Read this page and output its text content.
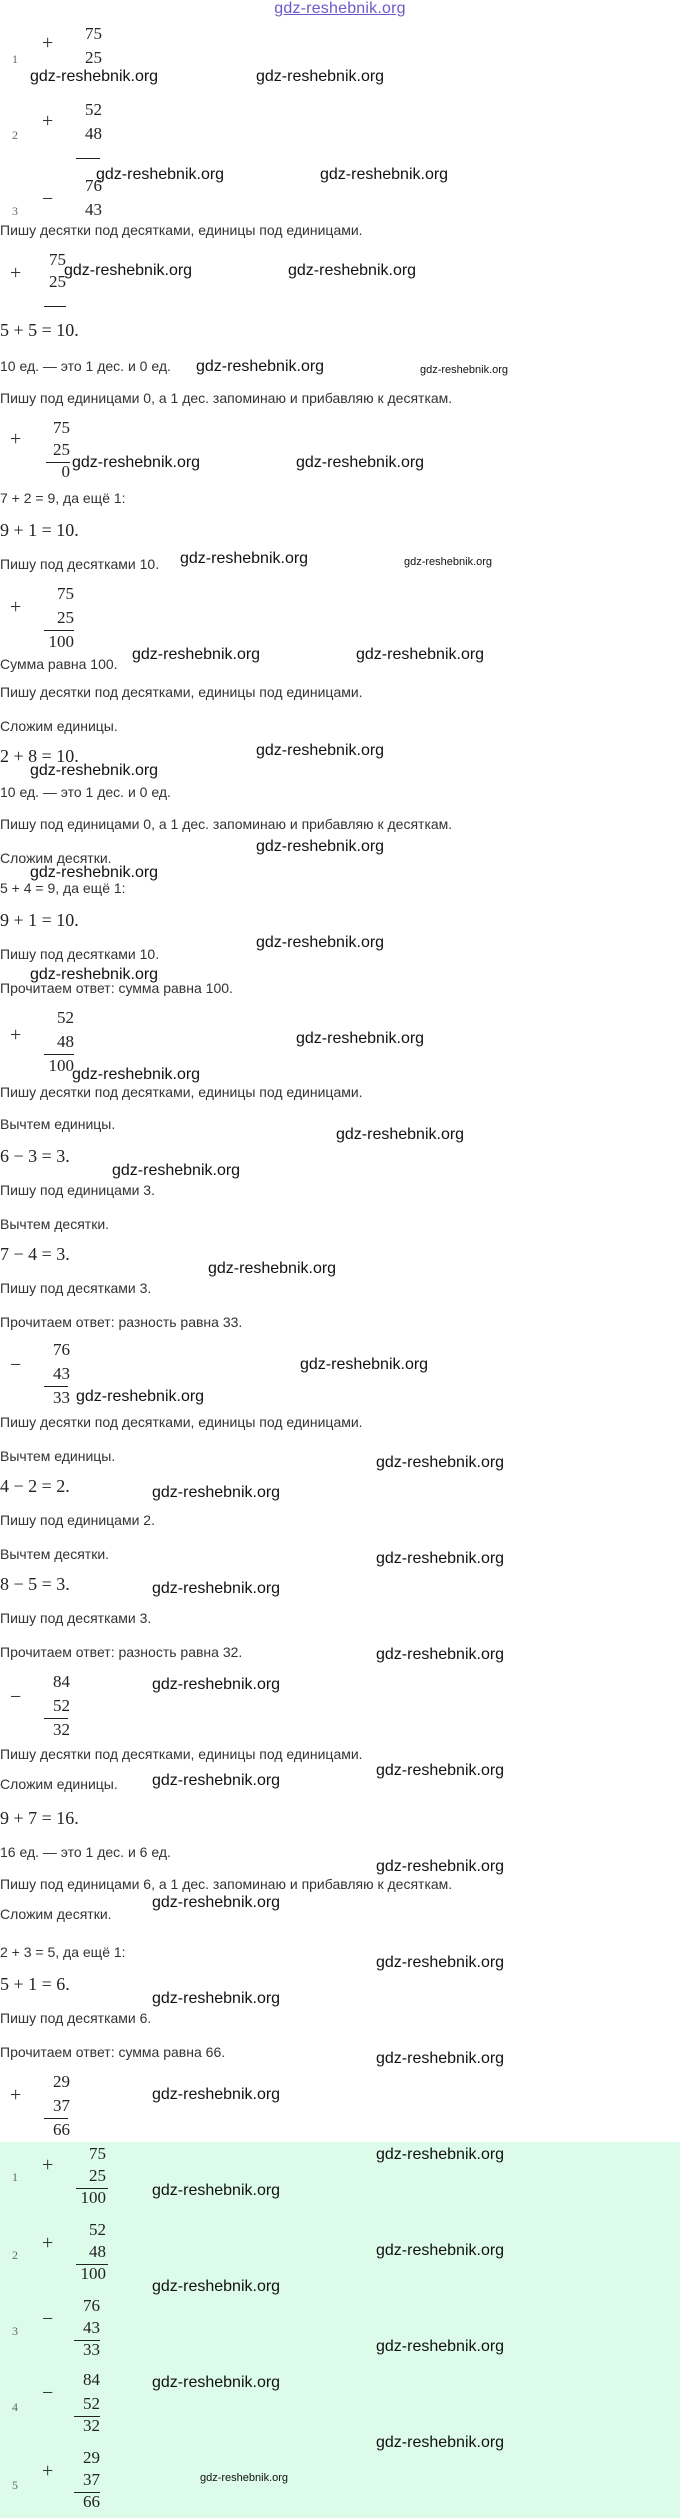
gdz-reshebnik.org
1
+	75
25
2
+
52
48
3
−
76
43
Пишу десятки под десятками, единицы под единицами.
+
75
25
5 + 5 = 10.
10 ед. — это 1 дес. и 0 ед.
Пишу под единицами 0, а 1 дес. запоминаю и прибавляю к десяткам.
+
75
25
0
7 + 2 = 9, да ещё 1:
9 + 1 = 10.
Пишу под десятками 10.
+
75
25
100
Сумма равна 100.
Пишу десятки под десятками, единицы под единицами.
Сложим единицы.
2 + 8 = 10.
10 ед. — это 1 дес. и 0 ед.
Пишу под единицами 0, а 1 дес. запоминаю и прибавляю к десяткам.
Сложим десятки.
5 + 4 = 9, да ещё 1:
9 + 1 = 10.
Пишу под десятками 10.
Прочитаем ответ: сумма равна 100.
+
52
48
100
Пишу десятки под десятками, единицы под единицами.
Вычтем единицы.
6 − 3 = 3.
Пишу под единицами 3.
Вычтем десятки.
7 − 4 = 3.
Пишу под десятками 3.
Прочитаем ответ: разность равна 33.
−
76
43
33
Пишу десятки под десятками, единицы под единицами.
Вычтем единицы.
4 − 2 = 2.
Пишу под единицами 2.
Вычтем десятки.
8 − 5 = 3.
Пишу под десятками 3.
Прочитаем ответ: разность равна 32.
−
84
52
32
Пишу десятки под десятками, единицы под единицами.
Сложим единицы.
9 + 7 = 16.
16 ед. — это 1 дес. и 6 ед.
Пишу под единицами 6, а 1 дес. запоминаю и прибавляю к десяткам.
Сложим десятки.
2 + 3 = 5, да ещё 1:
5 + 1 = 6.
Пишу под десятками 6.
Прочитаем ответ: сумма равна 66.
+
29
37
66
1
+
75
25
100
2
+
52
48
100
3
−
76
43
33
4
−
84
52
32
5
+
29
37
66
gdz-reshebnik.org	gdz-reshebnik.org
gdz-reshebnik.org	gdz-reshebnik.org
gdz-reshebnik.org	gdz-reshebnik.org
gdz-reshebnik.org	gdz-reshebnik.org
gdz-reshebnik.org	gdz-reshebnik.org
gdz-reshebnik.org	gdz-reshebnik.org
gdz-reshebnik.org	gdz-reshebnik.org
gdz-reshebnik.org
gdz-reshebnik.org
gdz-reshebnik.org
gdz-reshebnik.org
gdz-reshebnik.org
gdz-reshebnik.org
gdz-reshebnik.org
gdz-reshebnik.org
gdz-reshebnik.org
gdz-reshebnik.org
gdz-reshebnik.org
gdz-reshebnik.org
gdz-reshebnik.org
gdz-reshebnik.org
gdz-reshebnik.org
gdz-reshebnik.org
gdz-reshebnik.org
gdz-reshebnik.org
gdz-reshebnik.org
gdz-reshebnik.org
gdz-reshebnik.org
gdz-reshebnik.org
gdz-reshebnik.org
gdz-reshebnik.org
gdz-reshebnik.org
gdz-reshebnik.org
gdz-reshebnik.org
gdz-reshebnik.org
gdz-reshebnik.org
gdz-reshebnik.org
gdz-reshebnik.org
gdz-reshebnik.org
gdz-reshebnik.org
gdz-reshebnik.org
gdz-reshebnik.org
